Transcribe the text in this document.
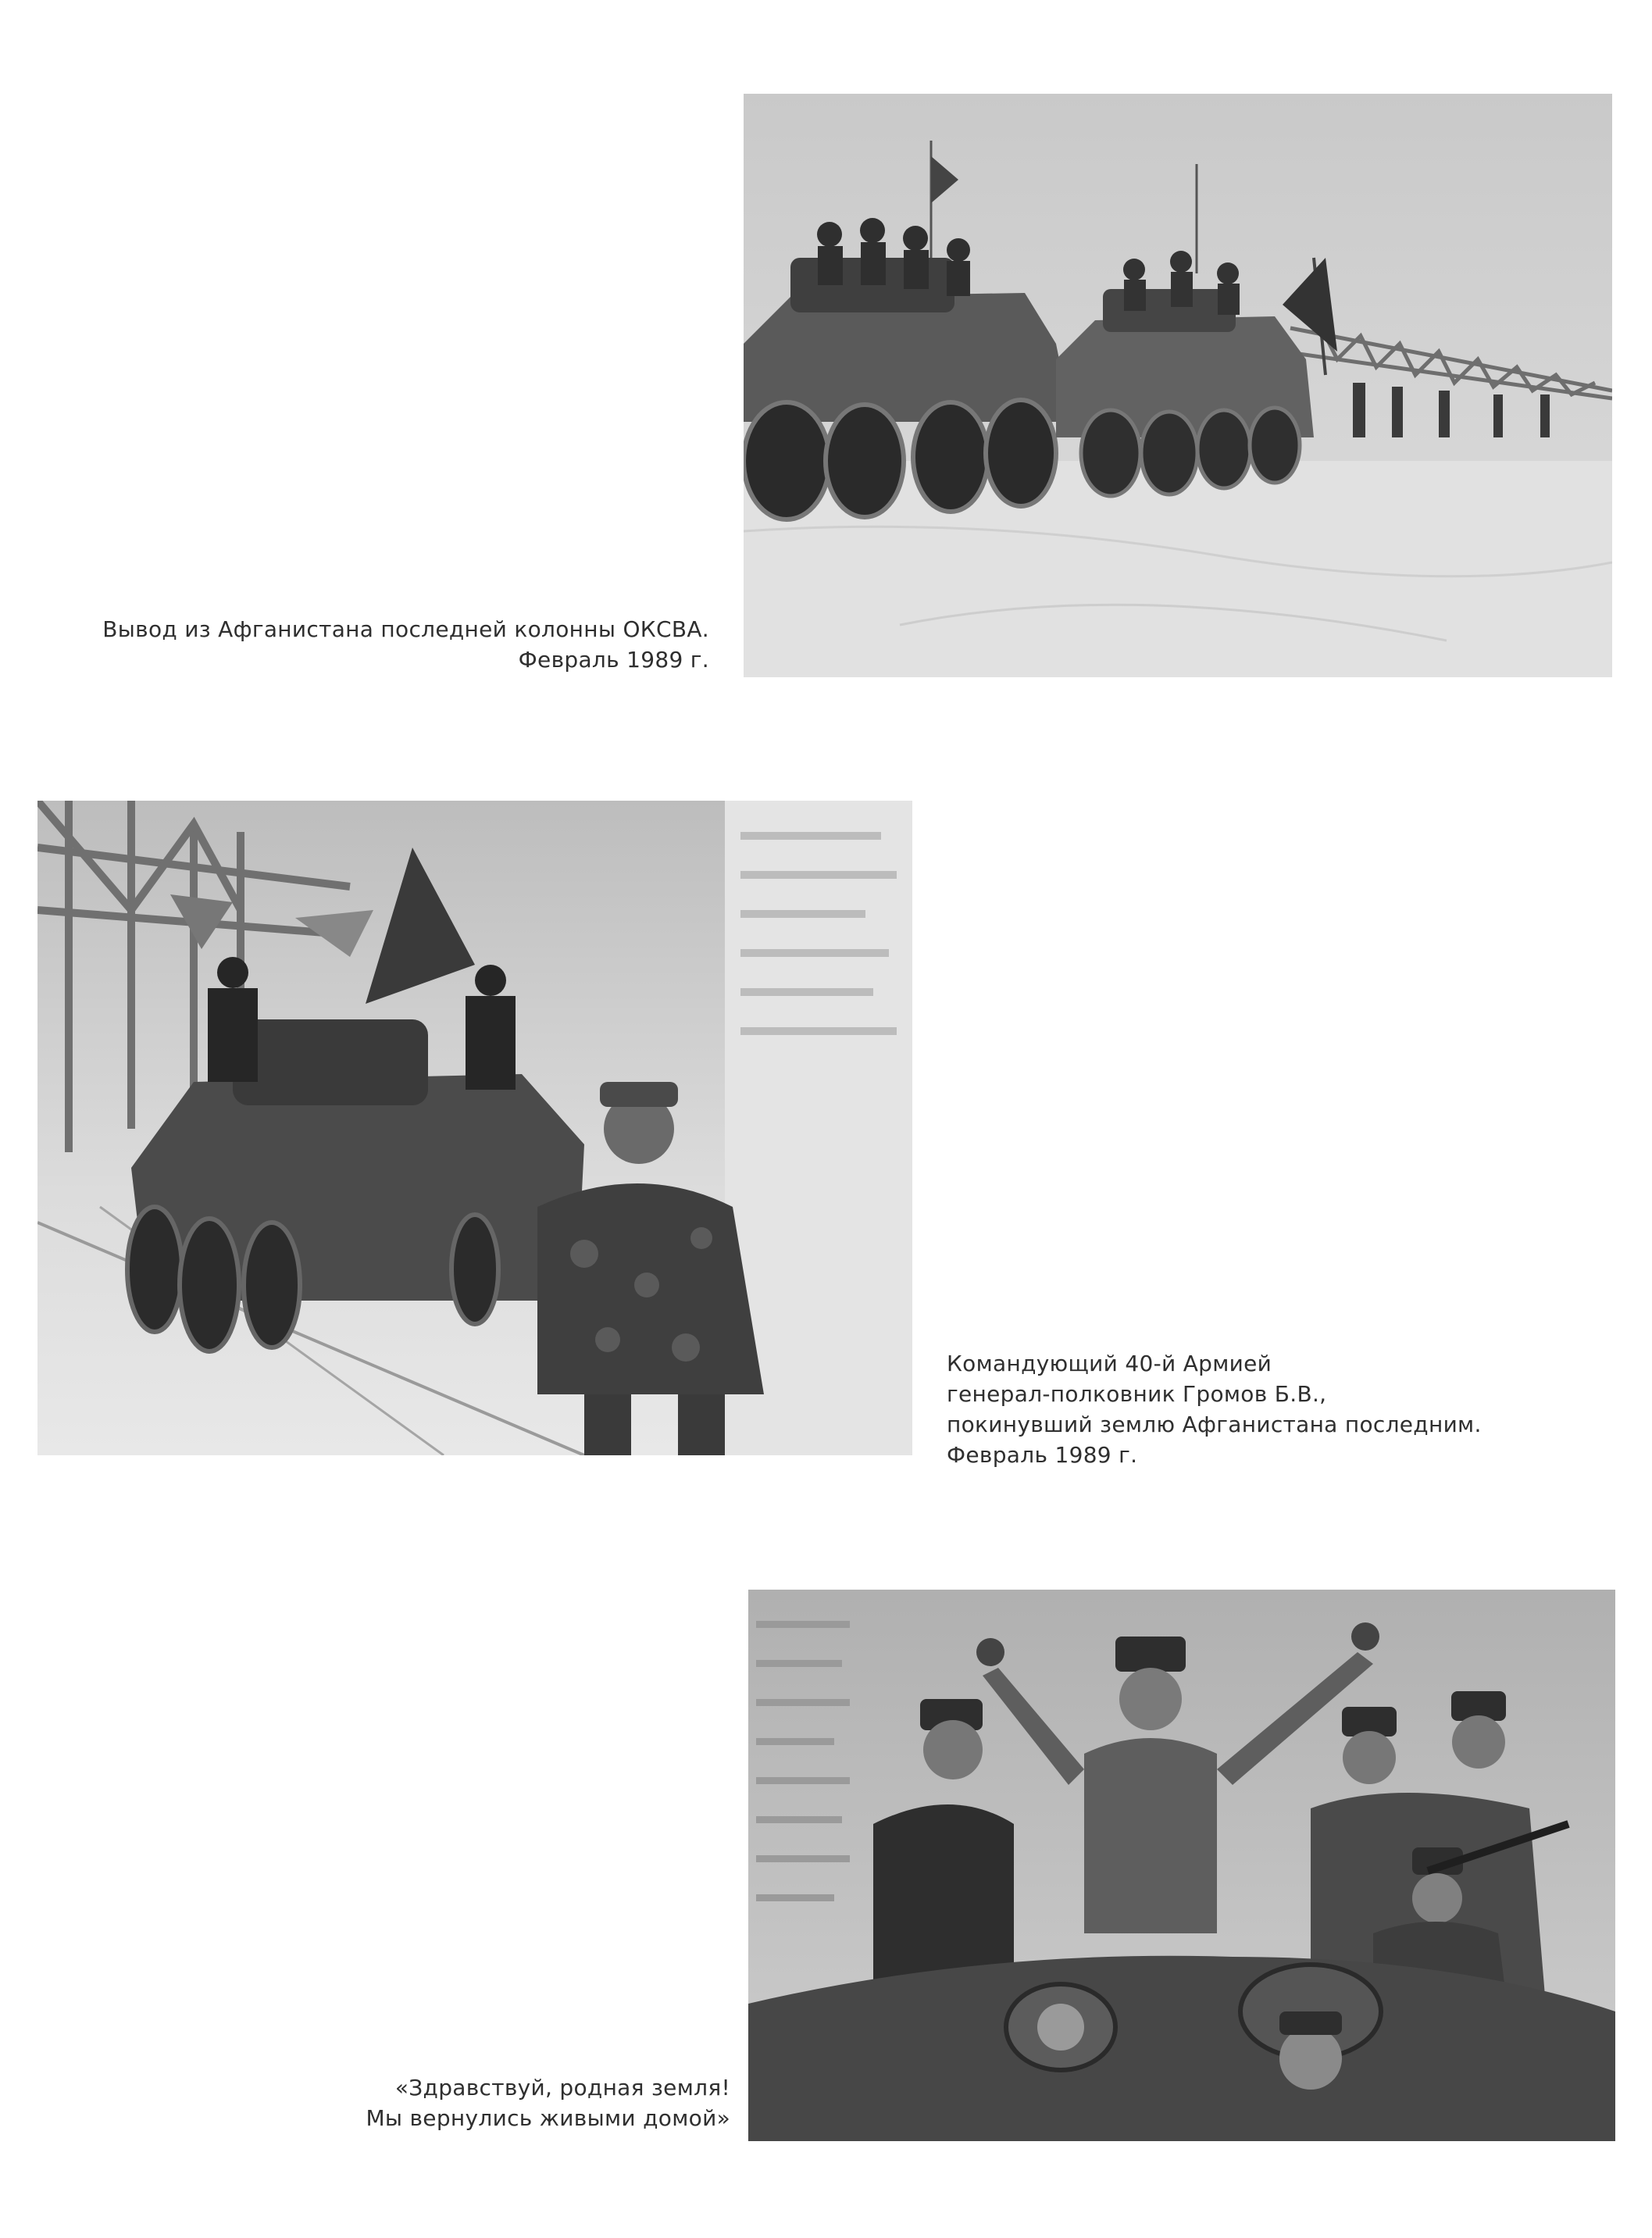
Вывод из Афганистана последней колонны ОКСВА.
Февраль 1989 г.
Командующий 40-й Армией
генерал-полковник Громов Б.В.,
покинувший землю Афганистана последним.
Февраль 1989 г.
«Здравствуй, родная земля!
Мы вернулись живыми домой»
